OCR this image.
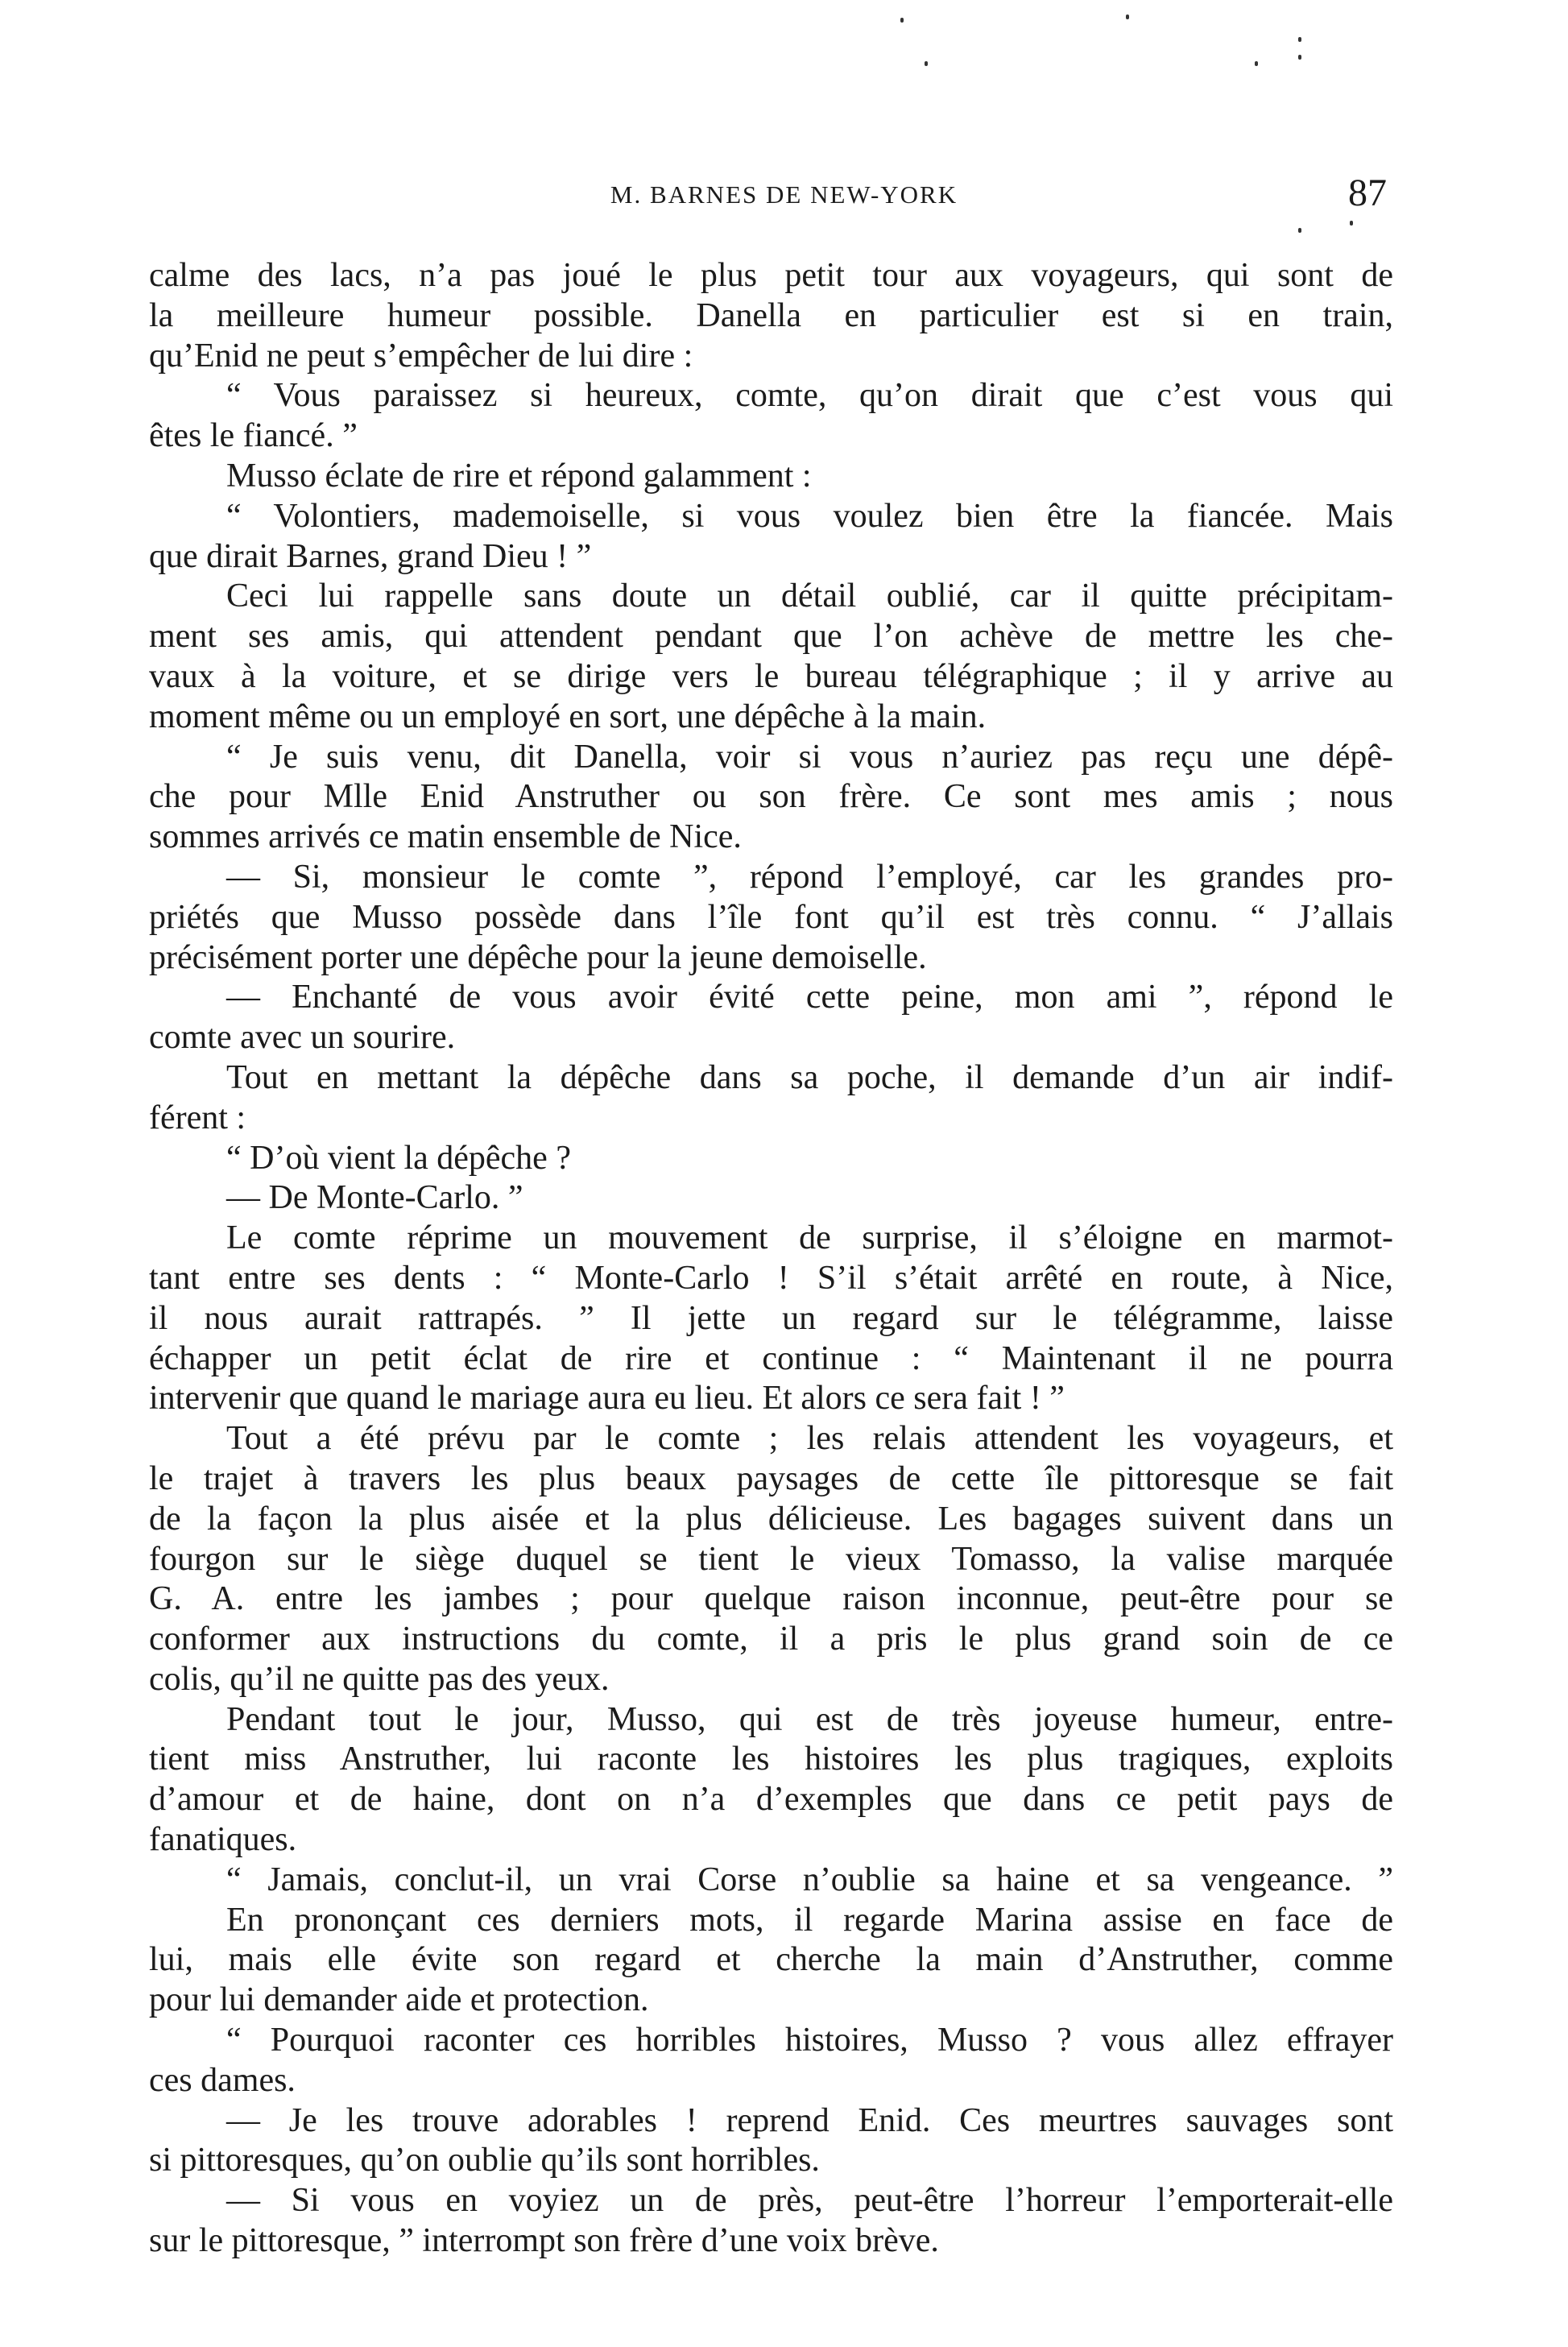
M. BARNES DE NEW-YORK	87
calme des lacs, n’a pas joué le plus petit tour aux voyageurs, qui sont de
la meilleure humeur possible. Danella en particulier est si en train,
qu’Enid ne peut s’empêcher de lui dire :
“ Vous paraissez si heureux, comte, qu’on dirait que c’est vous qui
êtes le fiancé. ”
Musso éclate de rire et répond galamment :
“ Volontiers, mademoiselle, si vous voulez bien être la fiancée. Mais
que dirait Barnes, grand Dieu ! ”
Ceci lui rappelle sans doute un détail oublié, car il quitte précipitam-
ment ses amis, qui attendent pendant que l’on achève de mettre les che-
vaux à la voiture, et se dirige vers le bureau télégraphique ; il y arrive au
moment même ou un employé en sort, une dépêche à la main.
“ Je suis venu, dit Danella, voir si vous n’auriez pas reçu une dépê-
che pour Mlle Enid Anstruther ou son frère. Ce sont mes amis ; nous
sommes arrivés ce matin ensemble de Nice.
— Si, monsieur le comte ”, répond l’employé, car les grandes pro-
priétés que Musso possède dans l’île font qu’il est très connu. “ J’allais
précisément porter une dépêche pour la jeune demoiselle.
— Enchanté de vous avoir évité cette peine, mon ami ”, répond le
comte avec un sourire.
Tout en mettant la dépêche dans sa poche, il demande d’un air indif-
férent :
“ D’où vient la dépêche ?
— De Monte-Carlo. ”
Le comte réprime un mouvement de surprise, il s’éloigne en marmot-
tant entre ses dents : “ Monte-Carlo ! S’il s’était arrêté en route, à Nice,
il nous aurait rattrapés. ” Il jette un regard sur le télégramme, laisse
échapper un petit éclat de rire et continue : “ Maintenant il ne pourra
intervenir que quand le mariage aura eu lieu. Et alors ce sera fait ! ”
Tout a été prévu par le comte ; les relais attendent les voyageurs, et
le trajet à travers les plus beaux paysages de cette île pittoresque se fait
de la façon la plus aisée et la plus délicieuse. Les bagages suivent dans un
fourgon sur le siège duquel se tient le vieux Tomasso, la valise marquée
G. A. entre les jambes ; pour quelque raison inconnue, peut-être pour se
conformer aux instructions du comte, il a pris le plus grand soin de ce
colis, qu’il ne quitte pas des yeux.
Pendant tout le jour, Musso, qui est de très joyeuse humeur, entre-
tient miss Anstruther, lui raconte les histoires les plus tragiques, exploits
d’amour et de haine, dont on n’a d’exemples que dans ce petit pays de
fanatiques.
“ Jamais, conclut-il, un vrai Corse n’oublie sa haine et sa vengeance. ”
En prononçant ces derniers mots, il regarde Marina assise en face de
lui, mais elle évite son regard et cherche la main d’Anstruther, comme
pour lui demander aide et protection.
“ Pourquoi raconter ces horribles histoires, Musso ? vous allez effrayer
ces dames.
— Je les trouve adorables ! reprend Enid. Ces meurtres sauvages sont
si pittoresques, qu’on oublie qu’ils sont horribles.
— Si vous en voyiez un de près, peut-être l’horreur l’emporterait-elle
sur le pittoresque, ” interrompt son frère d’une voix brève.
